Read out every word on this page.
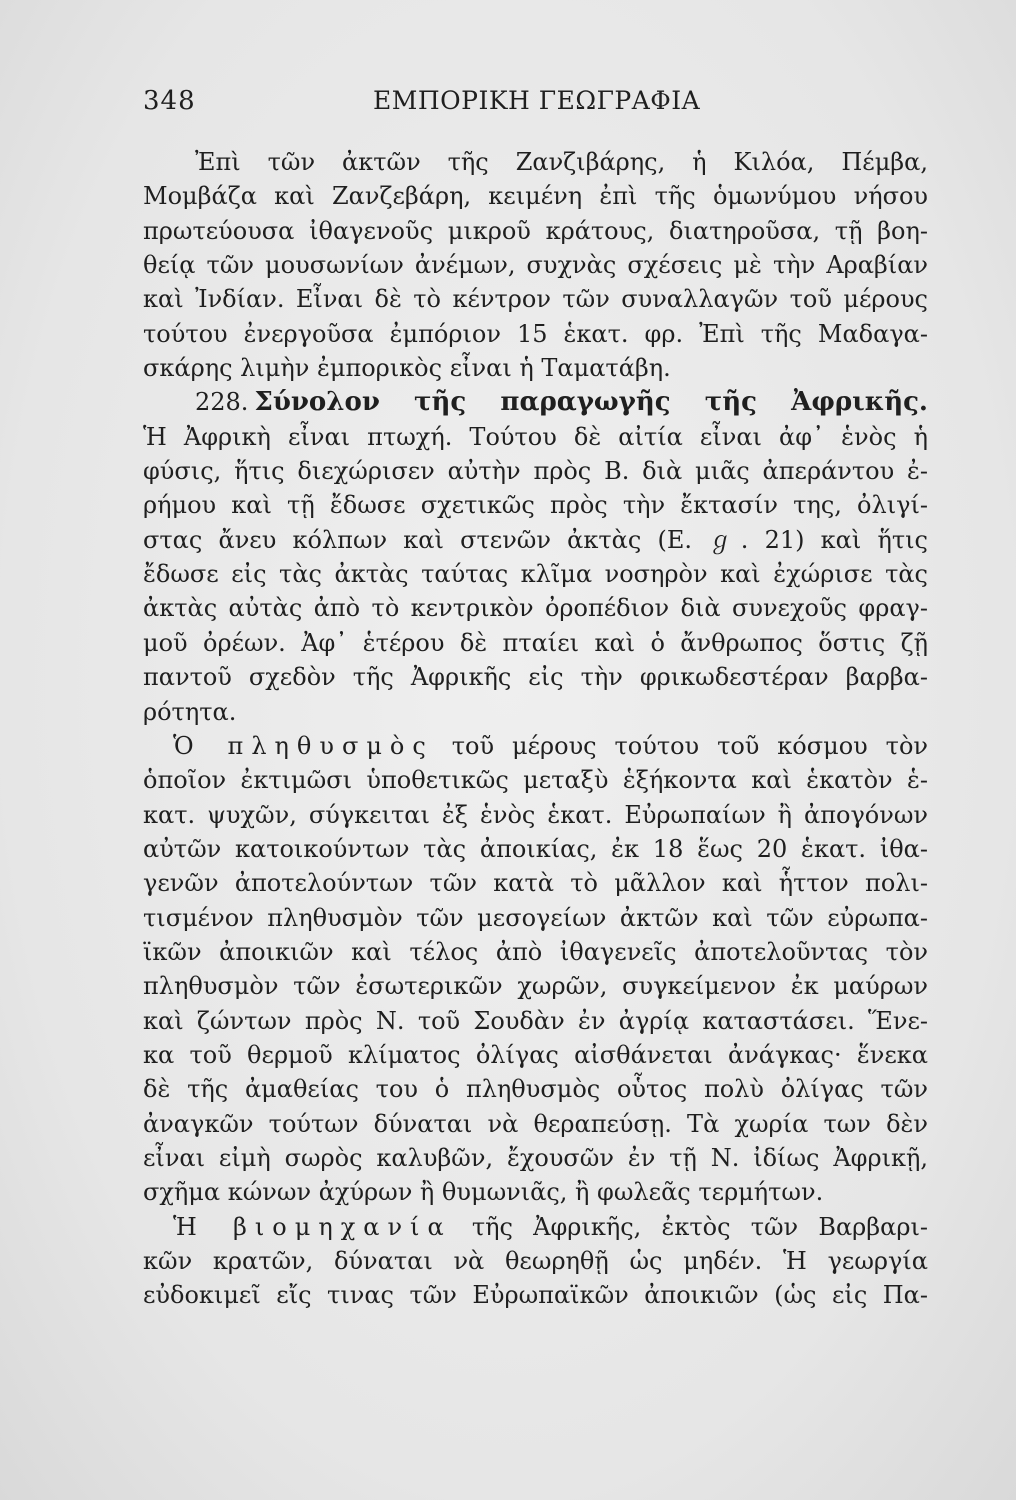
348	ΕΜΠΟΡΙΚΗ ΓΕΩΓΡΑΦΙΑ
Ἐπὶ τῶν ἀκτῶν τῆς Ζανζιβάρης, ἡ Κιλόα, Πέμβα,
Μομβάζα καὶ Ζανζεβάρη, κειμένη ἐπὶ τῆς ὁμωνύμου νήσου
πρωτεύουσα ἰθαγενοῦς μικροῦ κράτους, διατηροῦσα, τῇ βοη-
θείᾳ τῶν μουσωνίων ἀνέμων, συχνὰς σχέσεις μὲ τὴν Αραβίαν
καὶ Ἰνδίαν. Εἶναι δὲ τὸ κέντρον τῶν συναλλαγῶν τοῦ μέρους
τούτου ἐνεργοῦσα ἐμπόριον 15 ἑκατ. φρ. Ἐπὶ τῆς Μαδαγα-
σκάρης λιμὴν ἐμπορικὸς εἶναι ἡ Ταματάβη.
228. Σύνολον τῆς παραγωγῆς τῆς Ἀφρικῆς.
Ἡ Ἀφρικὴ εἶναι πτωχή. Τούτου δὲ αἰτία εἶναι ἀφ᾽ ἑνὸς ἡ
φύσις, ἥτις διεχώρισεν αὐτὴν πρὸς Β. διὰ μιᾶς ἀπεράντου ἐ-
ρήμου καὶ τῇ ἔδωσε σχετικῶς πρὸς τὴν ἔκτασίν της, ὀλιγί-
στας ἄνευ κόλπων καὶ στενῶν ἀκτὰς (Ε. ℊ. 21) καὶ ἥτις
ἔδωσε εἰς τὰς ἀκτὰς ταύτας κλῖμα νοσηρὸν καὶ ἐχώρισε τὰς
ἀκτὰς αὐτὰς ἀπὸ τὸ κεντρικὸν ὀροπέδιον διὰ συνεχοῦς φραγ-
μοῦ ὀρέων. Ἀφ᾽ ἑτέρου δὲ πταίει καὶ ὁ ἄνθρωπος ὅστις ζῇ
παντοῦ σχεδὸν τῆς Ἀφρικῆς εἰς τὴν φρικωδεστέραν βαρβα-
ρότητα.
Ὁ πληθυσμὸς τοῦ μέρους τούτου τοῦ κόσμου τὸν
ὁποῖον ἐκτιμῶσι ὑποθετικῶς μεταξὺ ἑξήκοντα καὶ ἑκατὸν ἑ-
κατ. ψυχῶν, σύγκειται ἐξ ἑνὸς ἑκατ. Εὐρωπαίων ἢ ἀπογόνων
αὐτῶν κατοικούντων τὰς ἀποικίας, ἐκ 18 ἕως 20 ἑκατ. ἰθα-
γενῶν ἀποτελούντων τῶν κατὰ τὸ μᾶλλον καὶ ἧττον πολι-
τισμένον πληθυσμὸν τῶν μεσογείων ἀκτῶν καὶ τῶν εὐρωπα-
ϊκῶν ἀποικιῶν καὶ τέλος ἀπὸ ἰθαγενεῖς ἀποτελοῦντας τὸν
πληθυσμὸν τῶν ἐσωτερικῶν χωρῶν, συγκείμενον ἐκ μαύρων
καὶ ζώντων πρὸς Ν. τοῦ Σουδὰν ἐν ἀγρίᾳ καταστάσει. Ἕνε-
κα τοῦ θερμοῦ κλίματος ὀλίγας αἰσθάνεται ἀνάγκας· ἕνεκα
δὲ τῆς ἀμαθείας του ὁ πληθυσμὸς οὗτος πολὺ ὀλίγας τῶν
ἀναγκῶν τούτων δύναται νὰ θεραπεύσῃ. Τὰ χωρία των δὲν
εἶναι εἰμὴ σωρὸς καλυβῶν, ἔχουσῶν ἐν τῇ Ν. ἰδίως Ἀφρικῇ,
σχῆμα κώνων ἀχύρων ἢ θυμωνιᾶς, ἢ φωλεᾶς τερμήτων.
Ἡ βιομηχανία τῆς Ἀφρικῆς, ἐκτὸς τῶν Βαρβαρι-
κῶν κρατῶν, δύναται νὰ θεωρηθῇ ὡς μηδέν. Ἡ γεωργία
εὐδοκιμεῖ εἴς τινας τῶν Εὐρωπαϊκῶν ἀποικιῶν (ὡς εἰς Πα-
